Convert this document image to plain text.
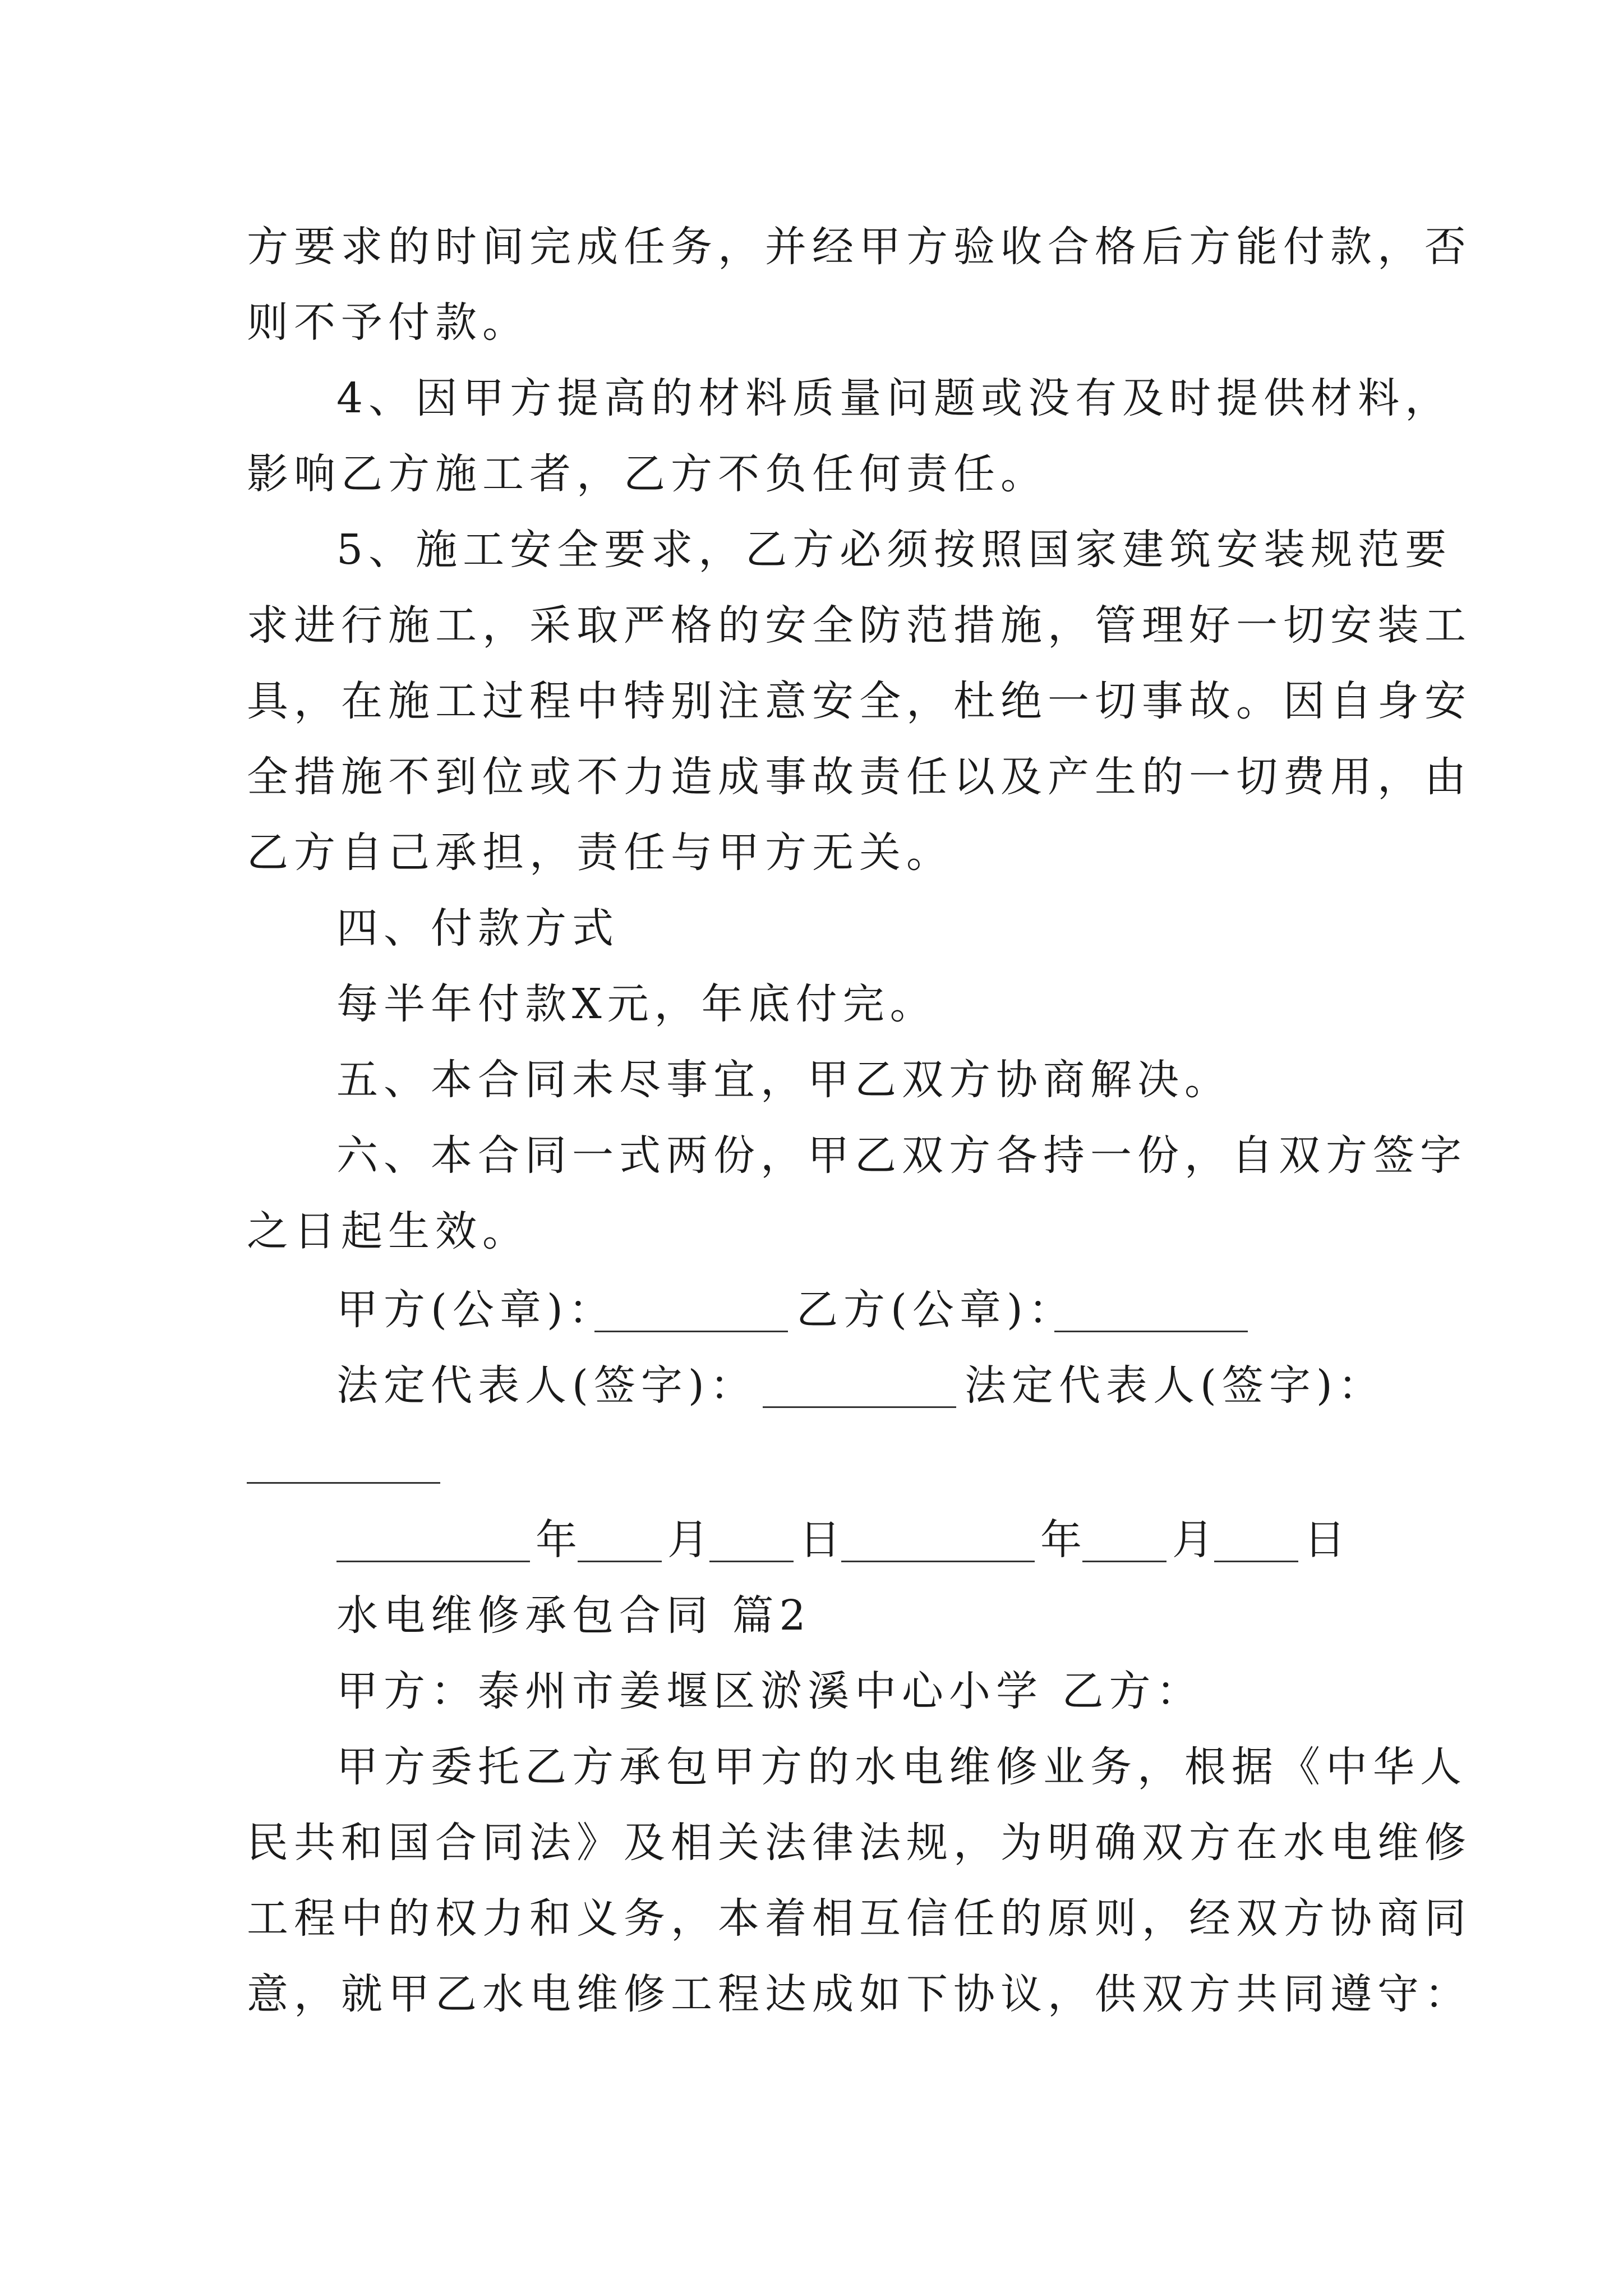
方要求的时间完成任务，并经甲方验收合格后方能付款，否
则不予付款。
4、因甲方提高的材料质量问题或没有及时提供材料，
影响乙方施工者，乙方不负任何责任。
5、施工安全要求，乙方必须按照国家建筑安装规范要
求进行施工，采取严格的安全防范措施，管理好一切安装工
具，在施工过程中特别注意安全，杜绝一切事故。因自身安
全措施不到位或不力造成事故责任以及产生的一切费用，由
乙方自己承担，责任与甲方无关。
四、付款方式
每半年付款X元，年底付完。
五、本合同未尽事宜，甲乙双方协商解决。
六、本合同一式两份，甲乙双方各持一份，自双方签字
之日起生效。
甲方(公章)：	乙方(公章)：
法定代表人(签字)：	法定代表人(签字)：
年 月 日	年 月 日
水电维修承包合同 篇2
甲方：泰州市姜堰区淤溪中心小学 乙方：
甲方委托乙方承包甲方的水电维修业务，根据《中华人
民共和国合同法》及相关法律法规，为明确双方在水电维修
工程中的权力和义务，本着相互信任的原则，经双方协商同
意，就甲乙水电维修工程达成如下协议，供双方共同遵守：
